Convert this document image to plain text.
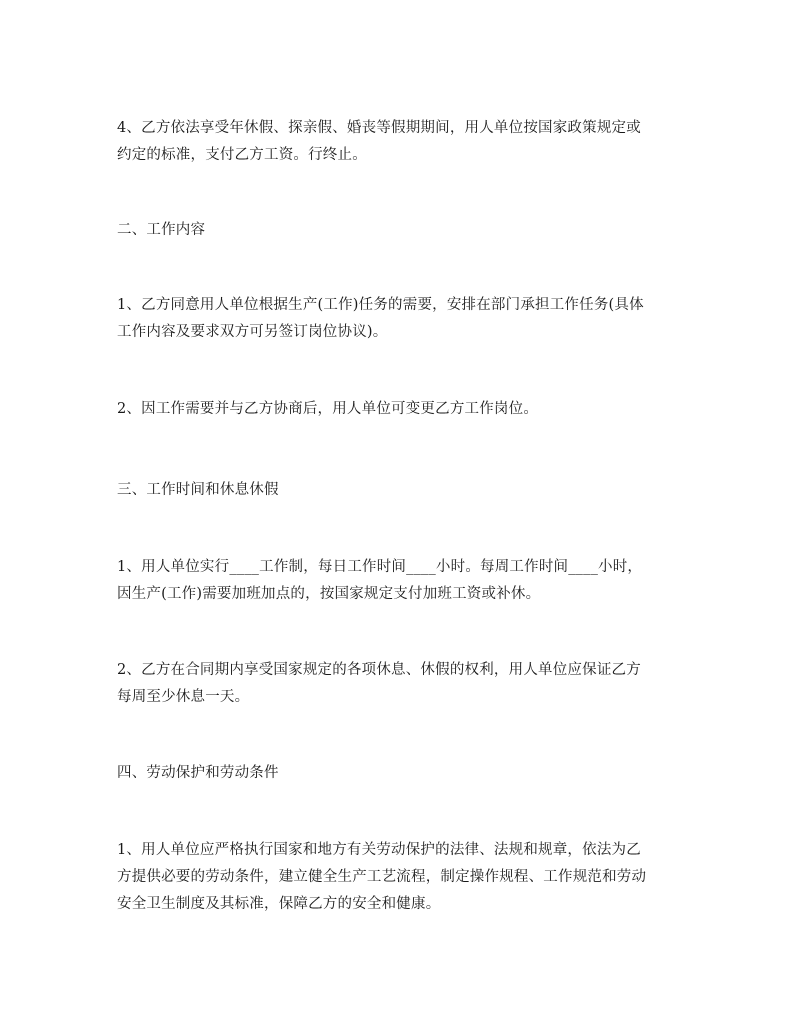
4、乙方依法享受年休假、探亲假、婚丧等假期期间，用人单位按国家政策规定或
约定的标准，支付乙方工资。行终止。

二、工作内容

1、乙方同意用人单位根据生产(工作)任务的需要，安排在部门承担工作任务(具体
工作内容及要求双方可另签订岗位协议)。

2、因工作需要并与乙方协商后，用人单位可变更乙方工作岗位。

三、工作时间和休息休假

1、用人单位实行____工作制，每日工作时间____小时。每周工作时间____小时，
因生产(工作)需要加班加点的，按国家规定支付加班工资或补休。

2、乙方在合同期内享受国家规定的各项休息、休假的权利，用人单位应保证乙方
每周至少休息一天。

四、劳动保护和劳动条件

1、用人单位应严格执行国家和地方有关劳动保护的法律、法规和规章，依法为乙
方提供必要的劳动条件，建立健全生产工艺流程，制定操作规程、工作规范和劳动
安全卫生制度及其标准，保障乙方的安全和健康。
